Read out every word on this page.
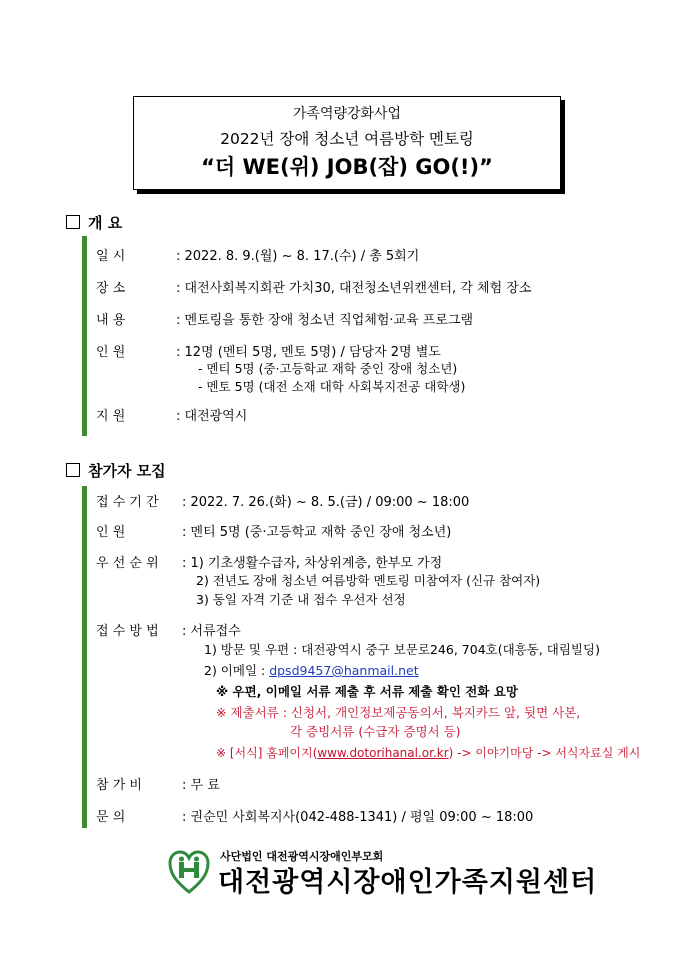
가족역량강화사업
2022년 장애 청소년 여름방학 멘토링
“더 WE(위) JOB(잡) GO(!)”
개 요
일 시	: 2022. 8. 9.(월) ~ 8. 17.(수) / 총 5회기
장 소	: 대전사회복지회관 가치30, 대전청소년위캔센터, 각 체험 장소
내 용	: 멘토링을 통한 장애 청소년 직업체험·교육 프로그램
인 원	: 12명 (멘티 5명, 멘토 5명) / 담당자 2명 별도
- 멘티 5명 (중·고등학교 재학 중인 장애 청소년)
- 멘토 5명 (대전 소재 대학 사회복지전공 대학생)
지 원	: 대전광역시
참가자 모집
접 수 기 간 : 2022. 7. 26.(화) ~ 8. 5.(금) / 09:00 ~ 18:00
인 원	: 멘티 5명 (중·고등학교 재학 중인 장애 청소년)
우 선 순 위 : 1) 기초생활수급자, 차상위계층, 한부모 가정
2) 전년도 장애 청소년 여름방학 멘토링 미참여자 (신규 참여자)
3) 동일 자격 기준 내 접수 우선자 선정
접 수 방 법 : 서류접수
1) 방문 및 우편 : 대전광역시 중구 보문로246, 704호(대흥동, 대림빌딩)
2) 이메일 : dpsd9457@hanmail.net
※ 우편, 이메일 서류 제출 후 서류 제출 확인 전화 요망
※ 제출서류 : 신청서, 개인정보제공동의서, 복지카드 앞, 뒷면 사본,
각 증빙서류 (수급자 증명서 등)
※ [서식] 홈페이지(www.dotorihanal.or.kr) -> 이야기마당 -> 서식자료실 게시
참 가 비	: 무 료
문 의	: 권순민 사회복지사(042-488-1341) / 평일 09:00 ~ 18:00
사단법인 대전광역시장애인부모회
대전광역시장애인가족지원센터
